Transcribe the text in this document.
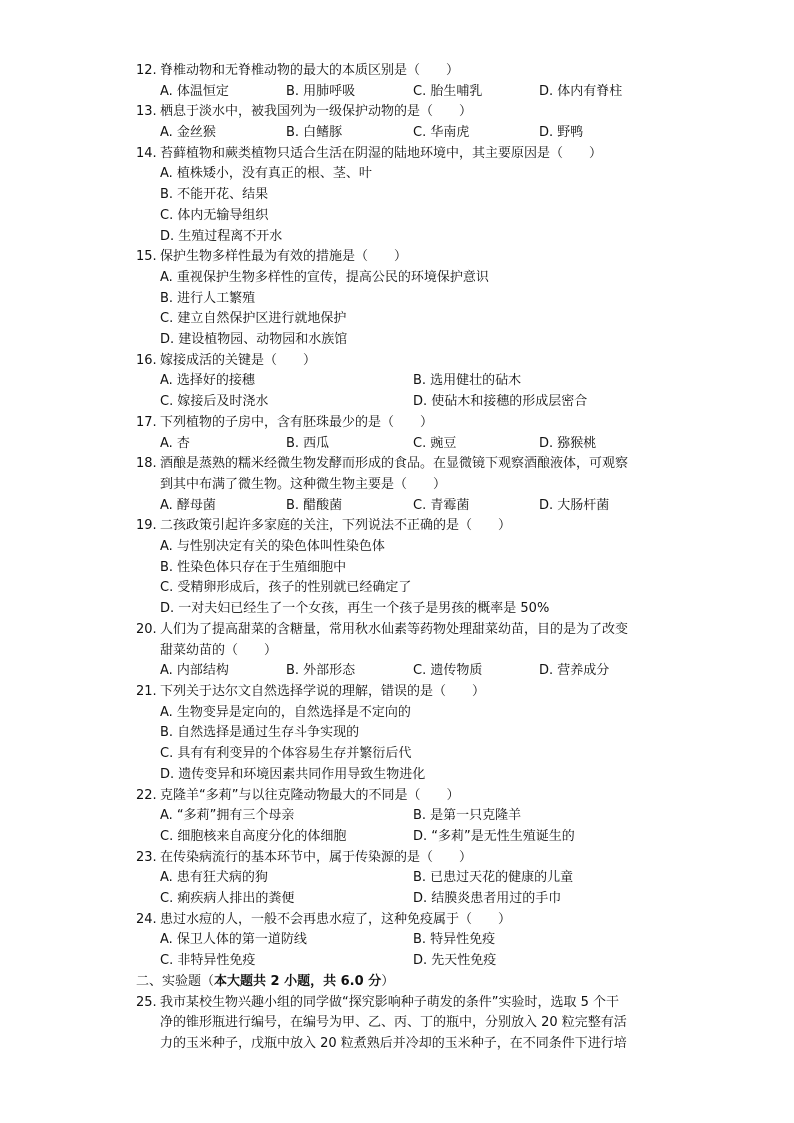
12. 脊椎动物和无脊椎动物的最大的本质区别是（　　）
A. 体温恒定	B. 用肺呼吸	C. 胎生哺乳	D. 体内有脊柱
13. 栖息于淡水中，被我国列为一级保护动物的是（　　）
A. 金丝猴	B. 白鳍豚	C. 华南虎	D. 野鸭
14. 苔藓植物和蕨类植物只适合生活在阴湿的陆地环境中，其主要原因是（　　）
A. 植株矮小，没有真正的根、茎、叶
B. 不能开花、结果
C. 体内无输导组织
D. 生殖过程离不开水
15. 保护生物多样性最为有效的措施是（　　）
A. 重视保护生物多样性的宣传，提高公民的环境保护意识
B. 进行人工繁殖
C. 建立自然保护区进行就地保护
D. 建设植物园、动物园和水族馆
16. 嫁接成活的关键是（　　）
A. 选择好的接穗	B. 选用健壮的砧木
C. 嫁接后及时浇水	D. 使砧木和接穗的形成层密合
17. 下列植物的子房中，含有胚珠最少的是（　　）
A. 杏	B. 西瓜	C. 豌豆	D. 猕猴桃
18. 酒酿是蒸熟的糯米经微生物发酵而形成的食品。在显微镜下观察酒酿液体，可观察
到其中布满了微生物。这种微生物主要是（　　）
A. 酵母菌	B. 醋酸菌	C. 青霉菌	D. 大肠杆菌
19. 二孩政策引起许多家庭的关注，下列说法不正确的是（　　）
A. 与性别决定有关的染色体叫性染色体
B. 性染色体只存在于生殖细胞中
C. 受精卵形成后，孩子的性别就已经确定了
D. 一对夫妇已经生了一个女孩，再生一个孩子是男孩的概率是 50%
20. 人们为了提高甜菜的含糖量，常用秋水仙素等药物处理甜菜幼苗，目的是为了改变
甜菜幼苗的（　　）
A. 内部结构	B. 外部形态	C. 遗传物质	D. 营养成分
21. 下列关于达尔文自然选择学说的理解，错误的是（　　）
A. 生物变异是定向的，自然选择是不定向的
B. 自然选择是通过生存斗争实现的
C. 具有有利变异的个体容易生存并繁衍后代
D. 遗传变异和环境因素共同作用导致生物进化
22. 克隆羊“多莉”与以往克隆动物最大的不同是（　　）
A. “多莉”拥有三个母亲	B. 是第一只克隆羊
C. 细胞核来自高度分化的体细胞	D. “多莉”是无性生殖诞生的
23. 在传染病流行的基本环节中，属于传染源的是（　　）
A. 患有狂犬病的狗	B. 已患过天花的健康的儿童
C. 痢疾病人排出的粪便	D. 结膜炎患者用过的手巾
24. 患过水痘的人，一般不会再患水痘了，这种免疫属于（　　）
A. 保卫人体的第一道防线	B. 特异性免疫
C. 非特异性免疫	D. 先天性免疫
二、实验题（本大题共 2 小题，共 6.0 分）
25. 我市某校生物兴趣小组的同学做“探究影响种子萌发的条件”实验时，选取 5 个干
净的锥形瓶进行编号，在编号为甲、乙、丙、丁的瓶中，分别放入 20 粒完整有活
力的玉米种子，戊瓶中放入 20 粒煮熟后并冷却的玉米种子，在不同条件下进行培
